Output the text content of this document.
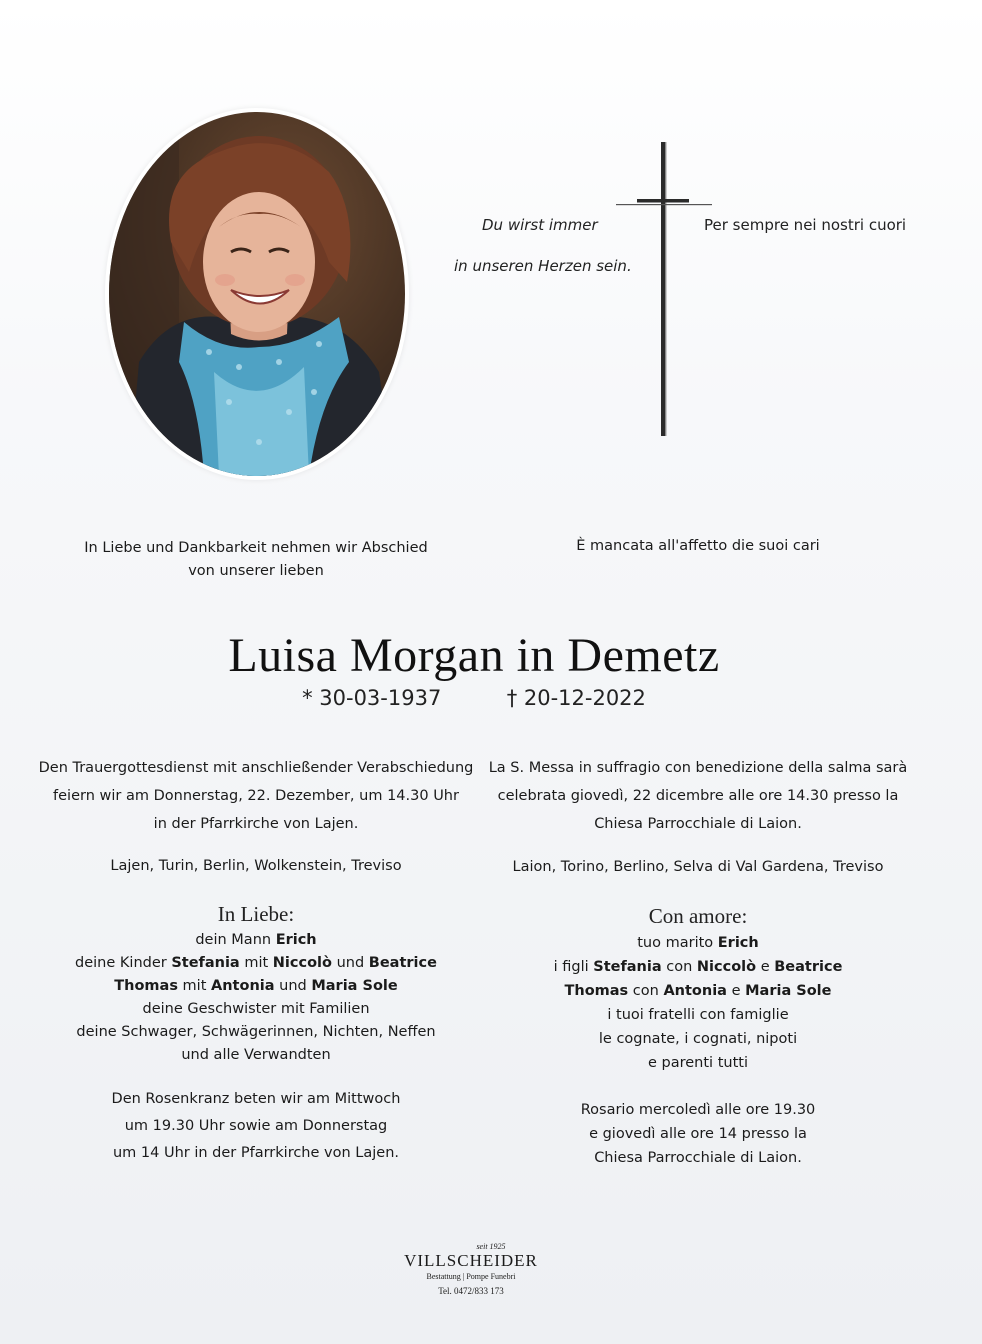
Du wirst immer
in unseren Herzen sein.
Per sempre nei nostri cuori
In Liebe und Dankbarkeit nehmen wir Abschied
von unserer lieben
È mancata all'affetto die suoi cari
Luisa Morgan in Demetz
* 30-03-1937	† 20-12-2022
Den Trauergottesdienst mit anschließender Verabschiedung
feiern wir am Donnerstag, 22. Dezember, um 14.30 Uhr
in der Pfarrkirche von Lajen.
La S. Messa in suffragio con benedizione della salma sarà
celebrata giovedì, 22 dicembre alle ore 14.30 presso la
Chiesa Parrocchiale di Laion.
Lajen, Turin, Berlin, Wolkenstein, Treviso	Laion, Torino, Berlino, Selva di Val Gardena, Treviso
In Liebe:
dein Mann Erich
deine Kinder Stefania mit Niccolò und Beatrice
Thomas mit Antonia und Maria Sole
deine Geschwister mit Familien
deine Schwager, Schwägerinnen, Nichten, Neffen
und alle Verwandten
Con amore:
tuo marito Erich
i figli Stefania con Niccolò e Beatrice
Thomas con Antonia e Maria Sole
i tuoi fratelli con famiglie
le cognate, i cognati, nipoti
e parenti tutti
Den Rosenkranz beten wir am Mittwoch
um 19.30 Uhr sowie am Donnerstag
um 14 Uhr in der Pfarrkirche von Lajen.
Rosario mercoledì alle ore 19.30
e giovedì alle ore 14 presso la
Chiesa Parrocchiale di Laion.
seit 1925
VILLSCHEIDER
Bestattung | Pompe Funebri
Tel. 0472/833 173
